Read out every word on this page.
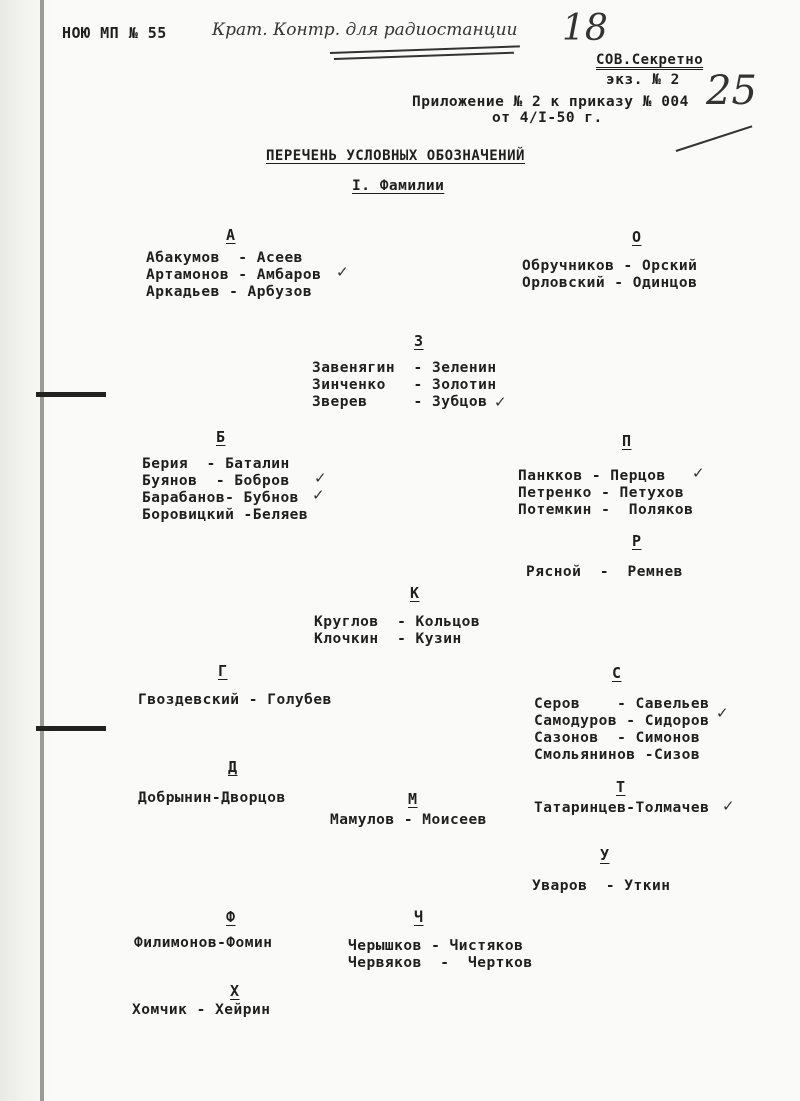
НОЮ МП № 55	Крат. Контр. для радиостанции 18
СОВ.Секретно
экз. № 2
Приложение № 2 к приказу № 004
от 4/I-50 г.
25
ПЕРЕЧЕНЬ УСЛОВНЫХ ОБОЗНАЧЕНИЙ
I. Фамилии
А
Абакумов  - Асеев
Артамонов - Амбаров
Аркадьев - Арбузов
✓
О
Обручников - Орский
Орловский - Одинцов
З
Завенягин  - Зеленин
Зинченко   - Золотин
Зверев     - Зубцов ✓
Б
Берия  - Баталин
Буянов  - Бобров
Барабанов- Бубнов
Боровицкий -Беляев
✓
✓
П
Панкков - Перцов
Петренко - Петухов
Потемкин -  Поляков
✓
Р
Рясной  -  Ремнев
К
Круглов  - Кольцов
Клочкин  - Кузин
Г
Гвоздевский - Голубев
С
Серов    - Савельев
Самодуров - Сидоров
Сазонов  - Симонов
Смольянинов -Сизов
✓
Д
Добрынин-Дворцов	М
Мамулов - Моисеев
Т
Татаринцев-Толмачев ✓
У
Уваров  - Уткин
Ф
Филимонов-Фомин
Ч
Черышков - Чистяков
Червяков  -  Чертков
Х
Хомчик - Хейрин
